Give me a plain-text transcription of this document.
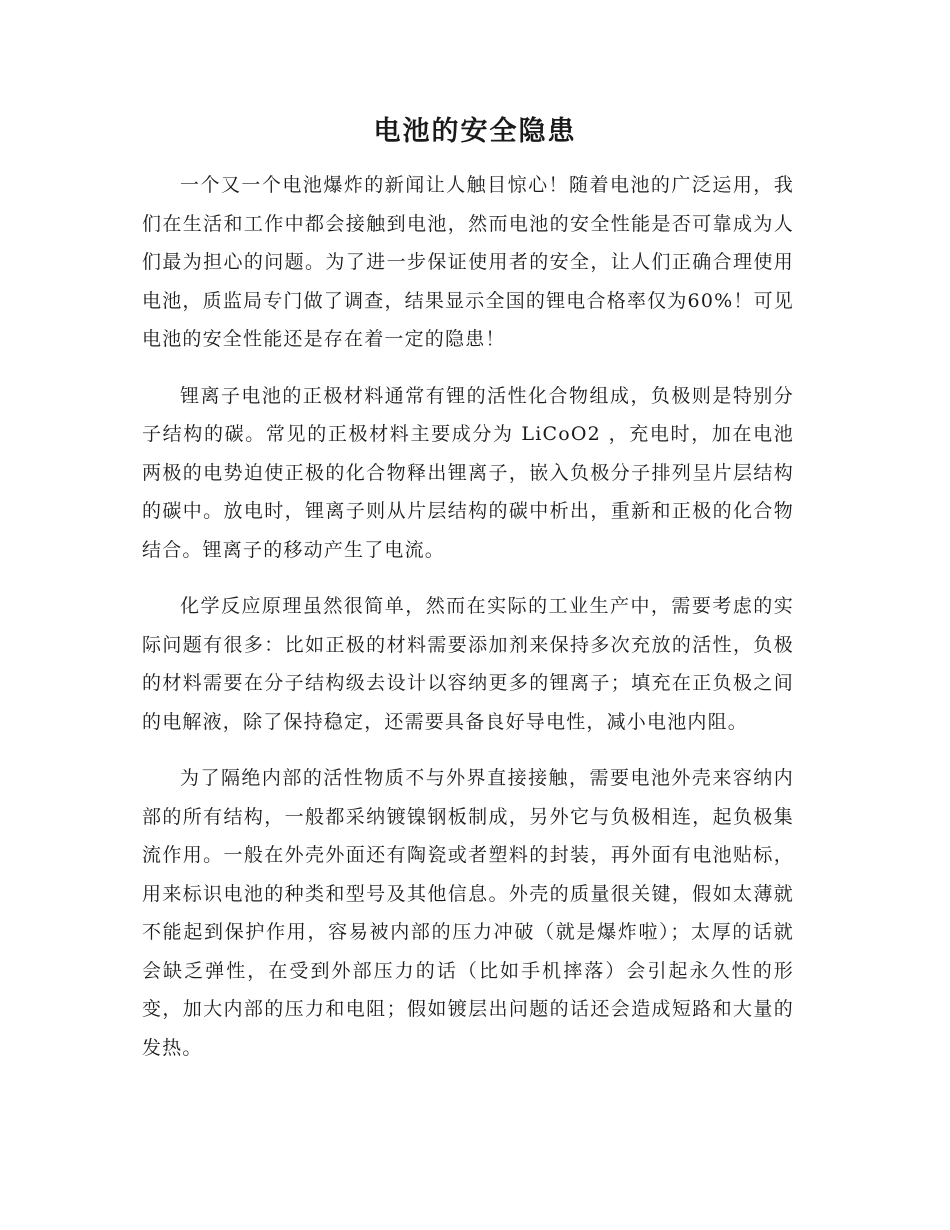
电池的安全隐患

一个又一个电池爆炸的新闻让人触目惊心！随着电池的广泛运用，我们在生活和工作中都会接触到电池，然而电池的安全性能是否可靠成为人们最为担心的问题。为了进一步保证使用者的安全，让人们正确合理使用电池，质监局专门做了调查，结果显示全国的锂电合格率仅为60%！可见电池的安全性能还是存在着一定的隐患！

锂离子电池的正极材料通常有锂的活性化合物组成，负极则是特别分子结构的碳。常见的正极材料主要成分为 LiCoO2 ，充电时，加在电池两极的电势迫使正极的化合物释出锂离子，嵌入负极分子排列呈片层结构的碳中。放电时，锂离子则从片层结构的碳中析出，重新和正极的化合物结合。锂离子的移动产生了电流。

化学反应原理虽然很简单，然而在实际的工业生产中，需要考虑的实际问题有很多：比如正极的材料需要添加剂来保持多次充放的活性，负极的材料需要在分子结构级去设计以容纳更多的锂离子；填充在正负极之间的电解液，除了保持稳定，还需要具备良好导电性，减小电池内阻。

为了隔绝内部的活性物质不与外界直接接触，需要电池外壳来容纳内部的所有结构，一般都采纳镀镍钢板制成，另外它与负极相连，起负极集流作用。一般在外壳外面还有陶瓷或者塑料的封装，再外面有电池贴标，用来标识电池的种类和型号及其他信息。外壳的质量很关键，假如太薄就不能起到保护作用，容易被内部的压力冲破（就是爆炸啦）；太厚的话就会缺乏弹性，在受到外部压力的话（比如手机摔落）会引起永久性的形变，加大内部的压力和电阻；假如镀层出问题的话还会造成短路和大量的发热。
